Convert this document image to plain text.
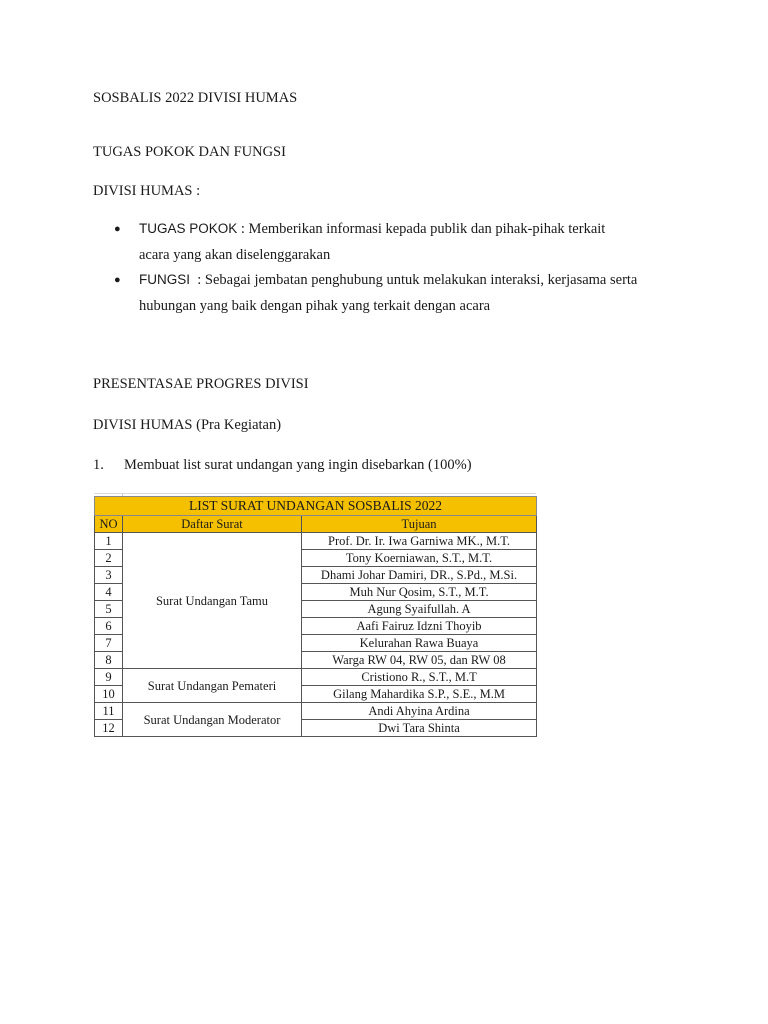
SOSBALIS 2022 DIVISI HUMAS
TUGAS POKOK DAN FUNGSI
DIVISI HUMAS :
● TUGAS POKOK : Memberikan informasi kepada publik dan pihak-pihak terkait
acara yang akan diselenggarakan
● FUNGSI  : Sebagai jembatan penghubung untuk melakukan interaksi, kerjasama serta
hubungan yang baik dengan pihak yang terkait dengan acara
PRESENTASAE PROGRES DIVISI
DIVISI HUMAS (Pra Kegiatan)
1. Membuat list surat undangan yang ingin disebarkan (100%)
LIST SURAT UNDANGAN SOSBALIS 2022		
NO	Daftar Surat	Tujuan
1	Surat Undangan Tamu	Prof. Dr. Ir. Iwa Garniwa MK., M.T.
2		Tony Koerniawan, S.T., M.T.
3		Dhami Johar Damiri, DR., S.Pd., M.Si.
4		Muh Nur Qosim, S.T., M.T.
5		Agung Syaifullah. A
6		Aafi Fairuz Idzni Thoyib
7		Kelurahan Rawa Buaya
8		Warga RW 04, RW 05, dan RW 08
9	Surat Undangan Pemateri	Cristiono R., S.T., M.T
10		Gilang Mahardika S.P., S.E., M.M
11	Surat Undangan Moderator	Andi Ahyina Ardina
12		Dwi Tara Shinta
